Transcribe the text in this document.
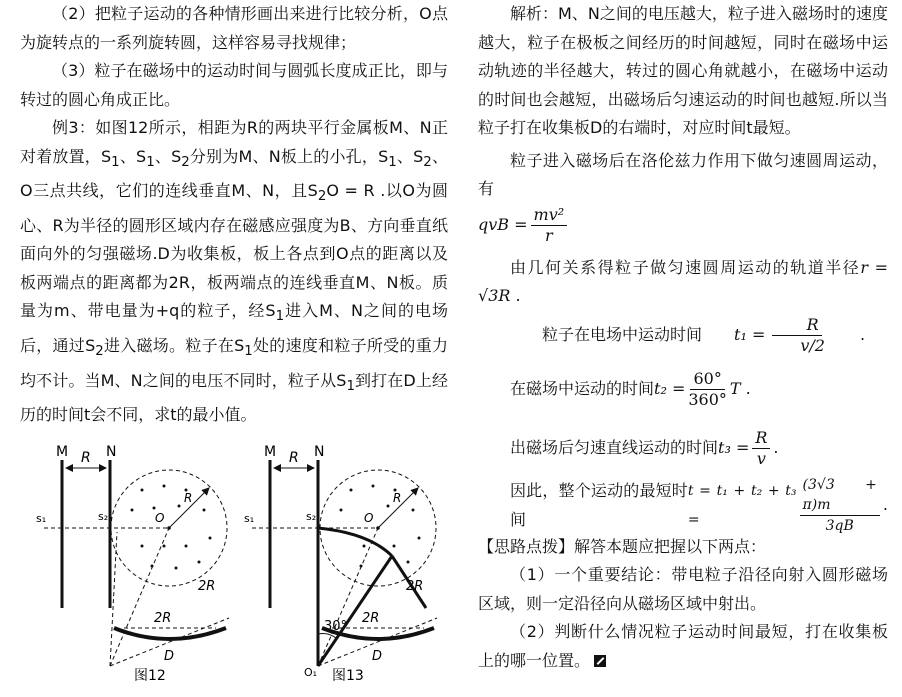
（2）把粒子运动的各种情形画出来进行比较分析，O点为旋转点的一系列旋转圆，这样容易寻找规律；

（3）粒子在磁场中的运动时间与圆弧长度成正比，即与转过的圆心角成正比。

例3：如图12所示，相距为R的两块平行金属板M、N正对着放置，$S_1$、$S_1$、$S_2$分别为M、N板上的小孔，$S_1$、$S_2$、O三点共线，它们的连线垂直M、N，且$S_2O = R$ .以O为圆心、R为半径的圆形区域内存在磁感应强度为B、方向垂直纸面向外的匀强磁场.D为收集板，板上各点到O点的距离以及板两端点的距离都为2R，板两端点的连线垂直M、N板。质量为m、带电量为+q的粒子，经$S_1$进入M、N之间的电场后，通过$S_2$进入磁场。粒子在$S_1$处的速度和粒子所受的重力均不计。当M、N之间的电压不同时，粒子从$S_1$到打在D上经历的时间t会不同，求t的最小值。

M	N
R
s₁	s₂	O
R
2R
2R
D
图12
M	N
R
s₁	s₂	O
R
30°
O₁
2R
2R
D
图13

解析：M、N之间的电压越大，粒子进入磁场时的速度越大，粒子在极板之间经历的时间越短，同时在磁场中运动轨迹的半径越大，转过的圆心角就越小，在磁场中运动的时间也会越短，出磁场后匀速运动的时间也越短.所以当粒子打在收集板D的右端时，对应时间t最短。

粒子进入磁场后在洛伦兹力作用下做匀速圆周运动，有

qvB = $\frac{\text{mv²}}{r}$

由几何关系得粒子做匀速圆周运动的轨道半径r = √3R .

粒子在电场中运动时间	$t_1 = \frac{R}{v/2}$	.

在磁场中运动的时间 $t_2 = \frac{60^\circ}{360^\circ}$ T .

出磁场后匀速直线运动的时间 $t_3 = \frac{R}{v}$ .

因此，整个运动的最短时间
t = t₁ + t₂ + t₃ =	$\frac{(3√3 + \pi)m}{3qB}$ .

【思路点拨】解答本题应把握以下两点：

（1）一个重要结论：带电粒子沿径向射入圆形磁场区域，则一定沿径向从磁场区域中射出。

（2）判断什么情况粒子运动时间最短，打在收集板上的哪一位置。
